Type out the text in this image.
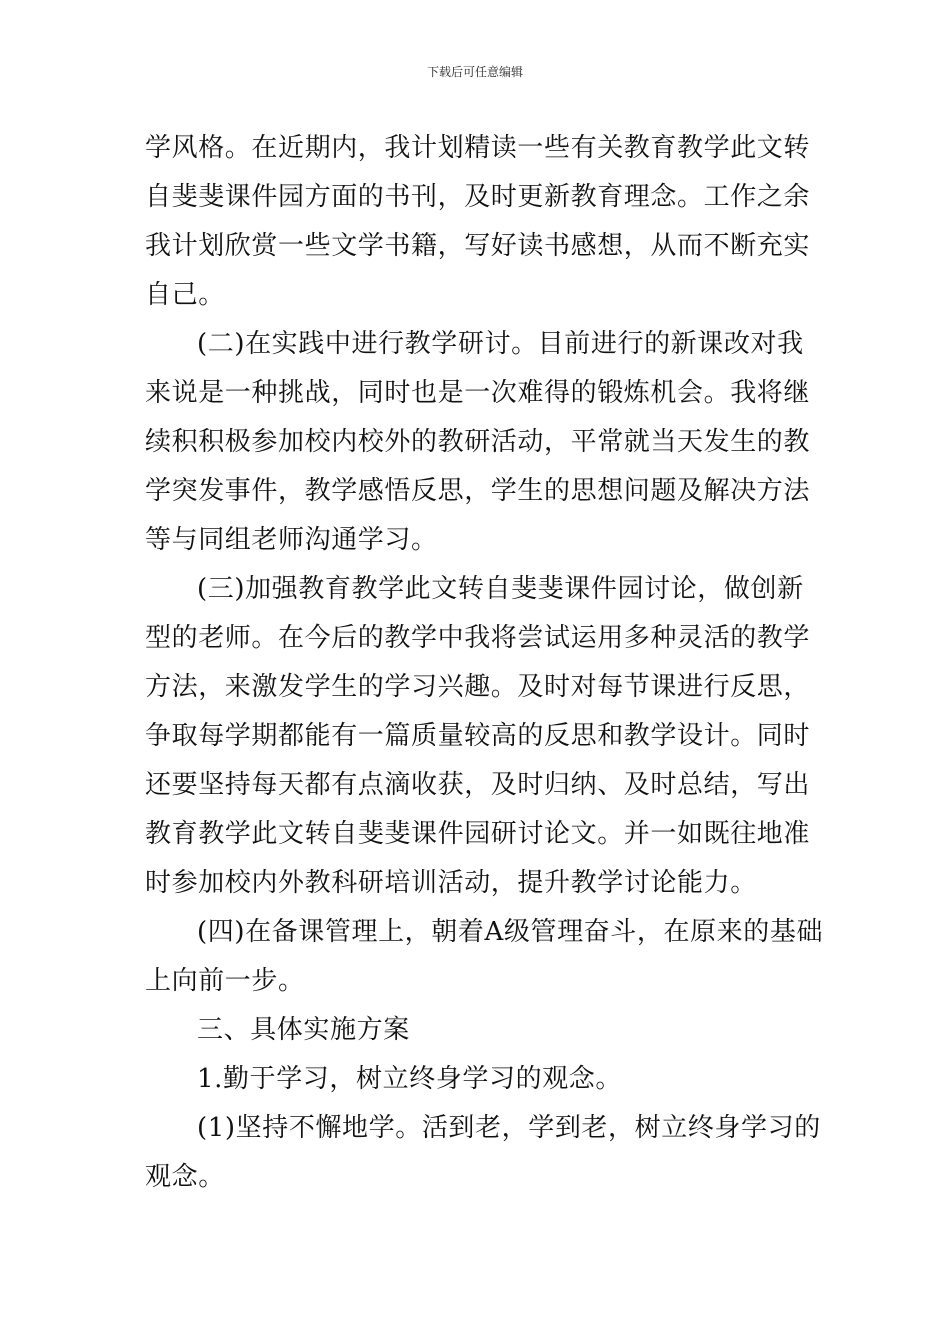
下载后可任意编辑

学风格。在近期内，我计划精读一些有关教育教学此文转
自斐斐课件园方面的书刊，及时更新教育理念。工作之余
我计划欣赏一些文学书籍，写好读书感想，从而不断充实
自己。

(二)在实践中进行教学研讨。目前进行的新课改对我
来说是一种挑战，同时也是一次难得的锻炼机会。我将继
续积积极参加校内校外的教研活动，平常就当天发生的教
学突发事件，教学感悟反思，学生的思想问题及解决方法
等与同组老师沟通学习。

(三)加强教育教学此文转自斐斐课件园讨论，做创新
型的老师。在今后的教学中我将尝试运用多种灵活的教学
方法，来激发学生的学习兴趣。及时对每节课进行反思，
争取每学期都能有一篇质量较高的反思和教学设计。同时
还要坚持每天都有点滴收获，及时归纳、及时总结，写出
教育教学此文转自斐斐课件园研讨论文。并一如既往地准
时参加校内外教科研培训活动，提升教学讨论能力。

(四)在备课管理上，朝着A级管理奋斗，在原来的基础
上向前一步。

三、具体实施方案

1.勤于学习，树立终身学习的观念。

(1)坚持不懈地学。活到老，学到老，树立终身学习的
观念。
